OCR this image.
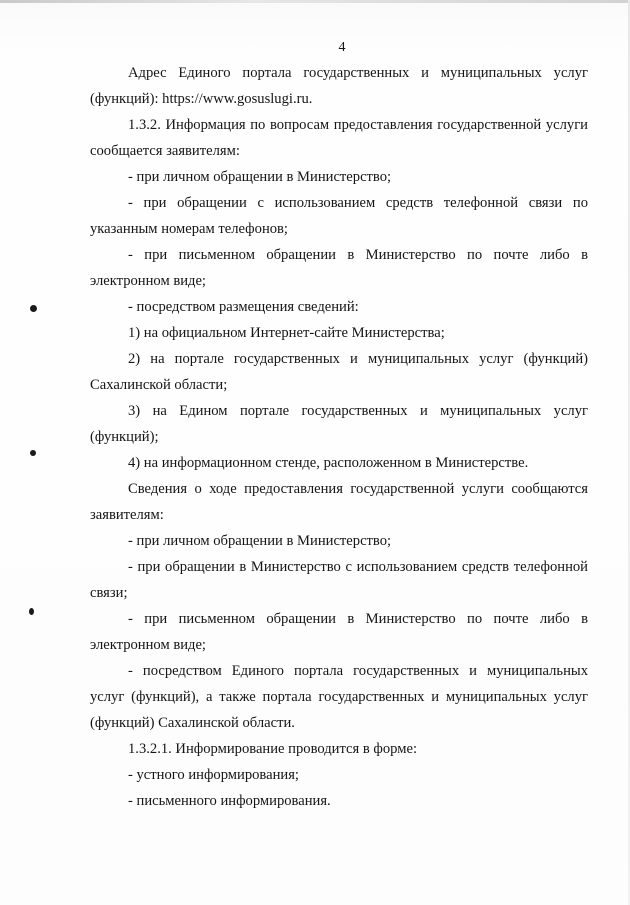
4
Адрес Единого портала государственных и муниципальных услуг
(функций): https://www.gosuslugi.ru.
1.3.2. Информация по вопросам предоставления государственной услуги
сообщается заявителям:
- при личном обращении в Министерство;
- при обращении с использованием средств телефонной связи по
указанным номерам телефонов;
- при письменном обращении в Министерство по почте либо в
электронном виде;
- посредством размещения сведений:
1) на официальном Интернет-сайте Министерства;
2) на портале государственных и муниципальных услуг (функций)
Сахалинской области;
3) на Едином портале государственных и муниципальных услуг
(функций);
4) на информационном стенде, расположенном в Министерстве.
Сведения о ходе предоставления государственной услуги сообщаются
заявителям:
- при личном обращении в Министерство;
- при обращении в Министерство с использованием средств телефонной
связи;
- при письменном обращении в Министерство по почте либо в
электронном виде;
- посредством Единого портала государственных и муниципальных
услуг (функций), а также портала государственных и муниципальных услуг
(функций) Сахалинской области.
1.3.2.1. Информирование проводится в форме:
- устного информирования;
- письменного информирования.
